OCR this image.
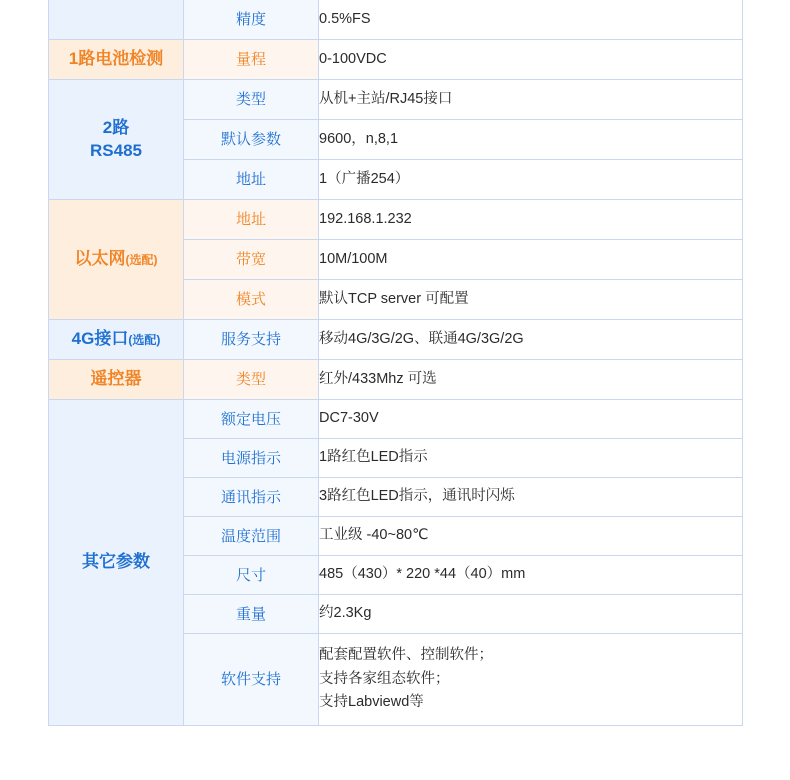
	精度	0.5%FS

1路电池检测	量程	0-100VDC

2路
RS485	类型	从机+主站/RJ45接口

	默认参数	9600，n,8,1

	地址	1（广播254）

以太网(选配)	地址	192.168.1.232

	带宽	10M/100M

	模式	默认TCP server 可配置

4G接口(选配)	服务支持	移动4G/3G/2G、联通4G/3G/2G

遥控器	类型	红外/433Mhz 可选

其它参数	额定电压	DC7-30V

	电源指示	1路红色LED指示

	通讯指示	3路红色LED指示，通讯时闪烁

	温度范围	工业级 -40~80℃

	尺寸	485（430）* 220 *44（40）mm

	重量	约2.3Kg

	软件支持	配套配置软件、控制软件；
支持各家组态软件；
支持Labviewd等
